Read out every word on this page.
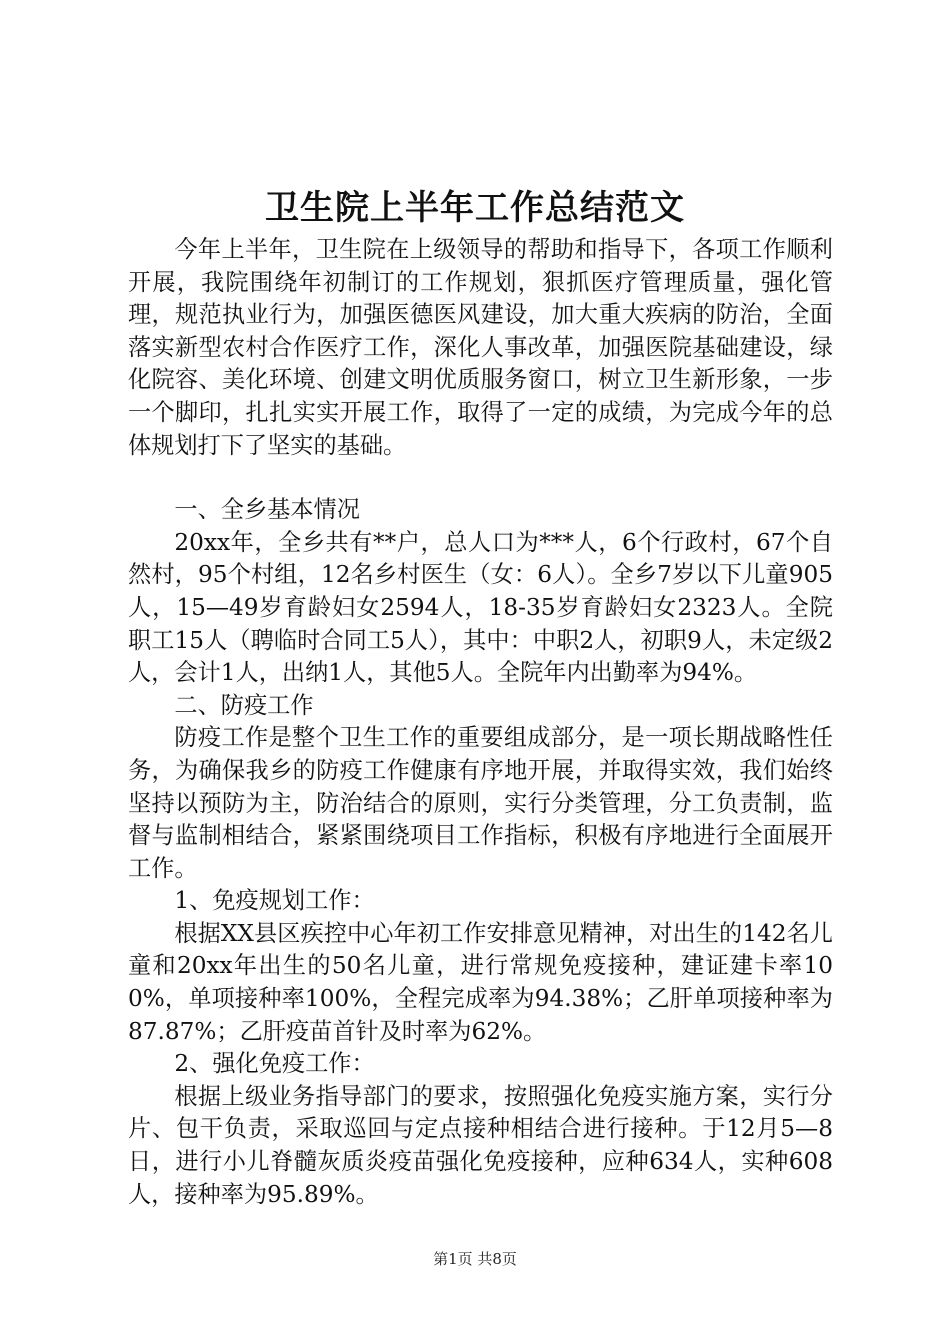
卫生院上半年工作总结范文

今年上半年，卫生院在上级领导的帮助和指导下，各项工作顺利开展，我院围绕年初制订的工作规划，狠抓医疗管理质量，强化管理，规范执业行为，加强医德医风建设，加大重大疾病的防治，全面落实新型农村合作医疗工作，深化人事改革，加强医院基础建设，绿化院容、美化环境、创建文明优质服务窗口，树立卫生新形象，一步一个脚印，扎扎实实开展工作，取得了一定的成绩，为完成今年的总体规划打下了坚实的基础。

一、全乡基本情况

20xx年，全乡共有**户，总人口为***人，6个行政村，67个自然村，95个村组，12名乡村医生（女：6人）。全乡7岁以下儿童905人，15—49岁育龄妇女2594人，18-35岁育龄妇女2323人。全院职工15人（聘临时合同工5人），其中：中职2人，初职9人，未定级2人，会计1人，出纳1人，其他5人。全院年内出勤率为94%。

二、防疫工作

防疫工作是整个卫生工作的重要组成部分，是一项长期战略性任务，为确保我乡的防疫工作健康有序地开展，并取得实效，我们始终坚持以预防为主，防治结合的原则，实行分类管理，分工负责制，监督与监制相结合，紧紧围绕项目工作指标，积极有序地进行全面展开工作。

1、免疫规划工作：

根据XX县区疾控中心年初工作安排意见精神，对出生的142名儿童和20xx年出生的50名儿童，进行常规免疫接种，建证建卡率100%，单项接种率100%，全程完成率为94.38%；乙肝单项接种率为87.87%；乙肝疫苗首针及时率为62%。

2、强化免疫工作：

根据上级业务指导部门的要求，按照强化免疫实施方案，实行分片、包干负责，采取巡回与定点接种相结合进行接种。于12月5—8日，进行小儿脊髓灰质炎疫苗强化免疫接种，应种634人，实种608人，接种率为95.89%。

第1页 共8页
